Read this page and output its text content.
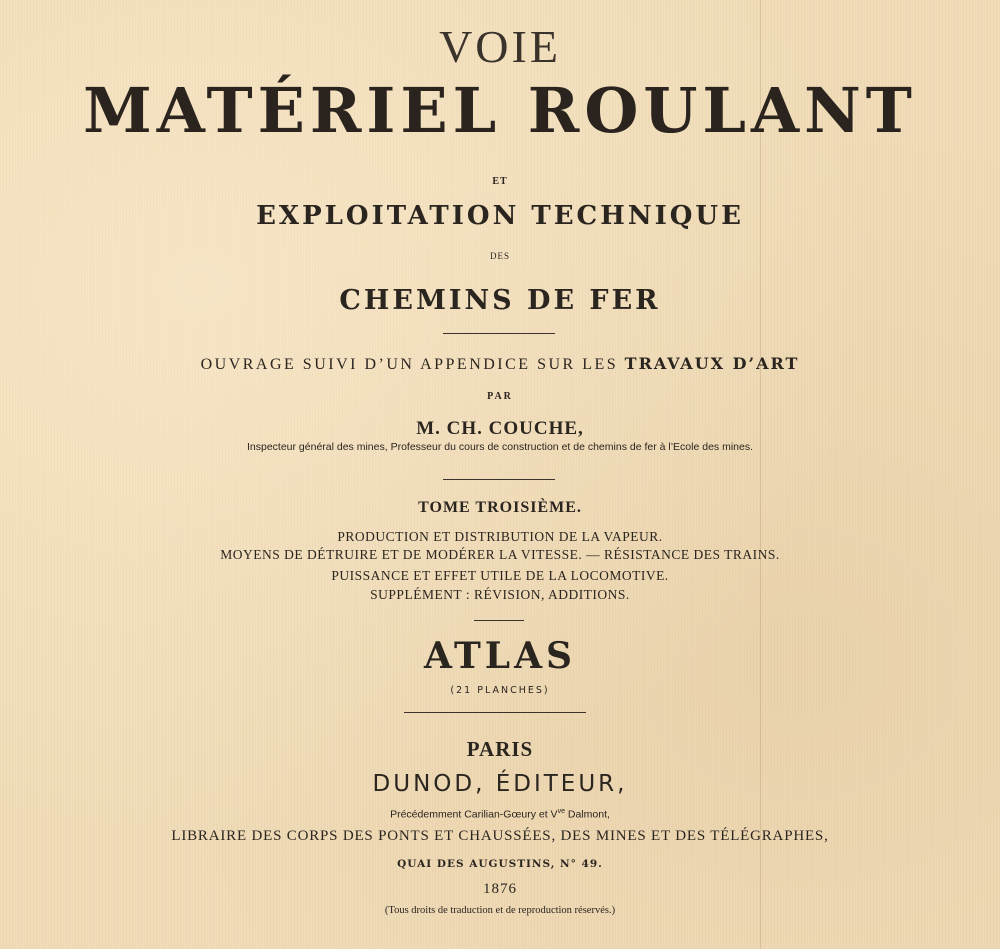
VOIE
MATÉRIEL ROULANT
ET
EXPLOITATION TECHNIQUE
DES
CHEMINS DE FER
OUVRAGE SUIVI D’UN APPENDICE SUR LES TRAVAUX D’ART
PAR
M. CH. COUCHE,
Inspecteur général des mines, Professeur du cours de construction et de chemins de fer à l’Ecole des mines.
TOME TROISIÈME.
PRODUCTION ET DISTRIBUTION DE LA VAPEUR.
MOYENS DE DÉTRUIRE ET DE MODÉRER LA VITESSE. — RÉSISTANCE DES TRAINS.
PUISSANCE ET EFFET UTILE DE LA LOCOMOTIVE.
SUPPLÉMENT : RÉVISION, ADDITIONS.
ATLAS
(21 PLANCHES)
PARIS
DUNOD, ÉDITEUR,
Précédemment Carilian-Gœury et $V^{ve}$ Dalmont,
LIBRAIRE DES CORPS DES PONTS ET CHAUSSÉES, DES MINES ET DES TÉLÉGRAPHES,
QUAI DES AUGUSTINS, N° 49.
1876
(Tous droits de traduction et de reproduction réservés.)
